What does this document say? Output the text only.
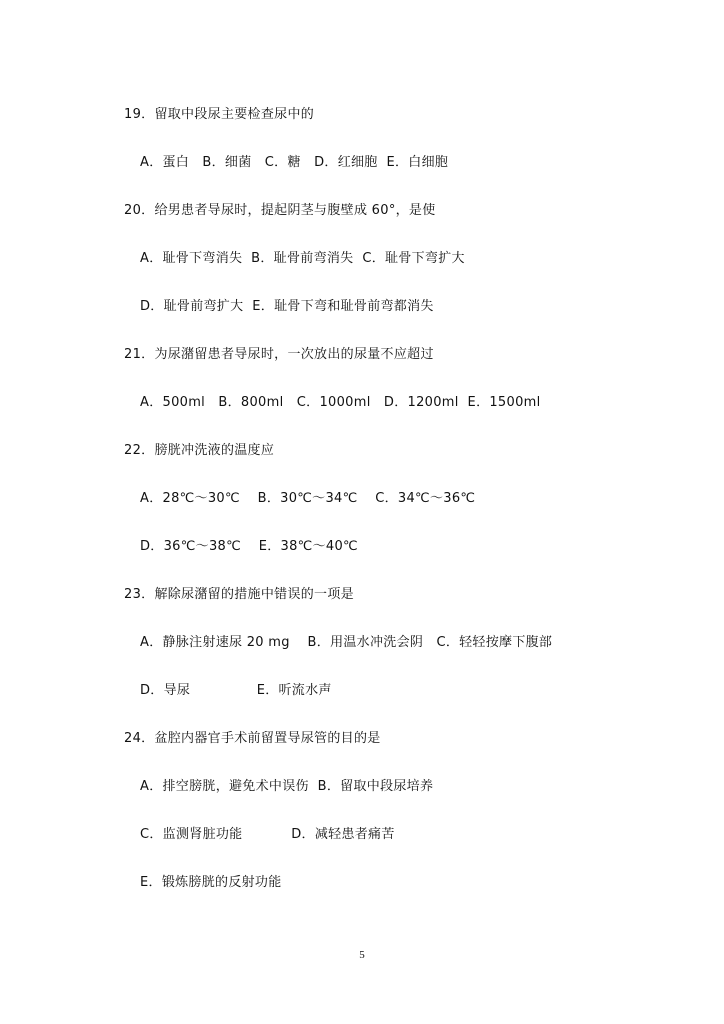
19．留取中段尿主要检查尿中的
A．蛋白   B．细菌   C．糖   D．红细胞  E．白细胞
20．给男患者导尿时，提起阴茎与腹壁成 60°，是使
A．耻骨下弯消失  B．耻骨前弯消失  C．耻骨下弯扩大
D．耻骨前弯扩大  E．耻骨下弯和耻骨前弯都消失
21．为尿潴留患者导尿时，一次放出的尿量不应超过
A．500ml   B．800ml   C．1000ml   D．1200ml  E．1500ml
22．膀胱冲洗液的温度应
A．28℃～30℃    B．30℃～34℃    C．34℃～36℃
D．36℃～38℃    E．38℃～40℃
23．解除尿潴留的措施中错误的一项是
A．静脉注射速尿 20 mg    B．用温水冲洗会阴   C．轻轻按摩下腹部
D．导尿               E．听流水声
24．盆腔内器官手术前留置导尿管的目的是
A．排空膀胱，避免术中误伤  B．留取中段尿培养
C．监测肾脏功能           D．减轻患者痛苦
E．锻炼膀胱的反射功能
5
